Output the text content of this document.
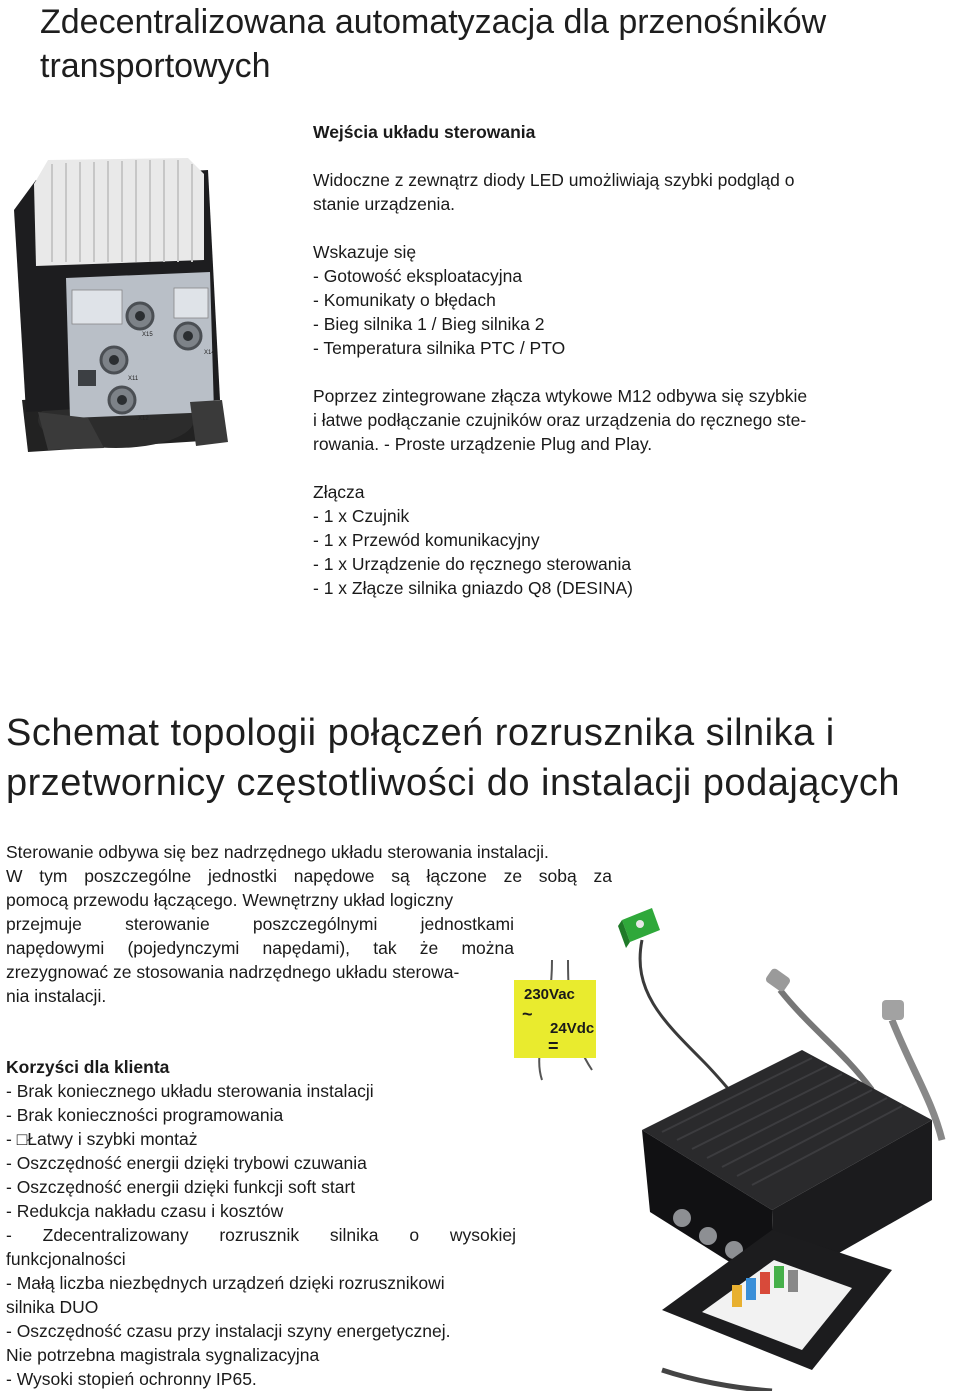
Zdecentralizowana automatyzacja dla przenośników
transportowych
X15
X14
X11
X12
Wejścia układu sterowania
Widoczne z zewnątrz diody LED umożliwiają szybki podgląd o
stanie urządzenia.
Wskazuje się
- Gotowość eksploatacyjna
- Komunikaty o błędach
- Bieg silnika 1 / Bieg silnika 2
- Temperatura silnika PTC / PTO
Poprzez zintegrowane złącza wtykowe M12 odbywa się szybkie
i łatwe podłączanie czujników oraz urządzenia do ręcznego ste-
rowania. - Proste urządzenie Plug and Play.
Złącza
- 1 x Czujnik
- 1 x Przewód komunikacyjny
- 1 x Urządzenie do ręcznego sterowania
- 1 x Złącze silnika gniazdo Q8 (DESINA)
Schemat topologii połączeń rozrusznika silnika i
przetwornicy częstotliwości do instalacji podających
Sterowanie odbywa się bez nadrzędnego układu sterowania instalacji.
W tym poszczególne jednostki napędowe są łączone ze sobą za
pomocą przewodu łączącego. Wewnętrzny układ logiczny
przejmuje sterowanie poszczególnymi jednostkami
napędowymi (pojedynczymi napędami), tak że można
zrezygnować ze stosowania nadrzędnego układu sterowa-
nia instalacji.	230Vac
~
24Vdc
=
Korzyści dla klienta
- Brak koniecznego układu sterowania instalacji
- Brak konieczności programowania
- □Łatwy i szybki montaż
- Oszczędność energii dzięki trybowi czuwania
- Oszczędność energii dzięki funkcji soft start
- Redukcja nakładu czasu i kosztów
- Zdecentralizowany rozrusznik silnika o wysokiej
funkcjonalności
- Małą liczba niezbędnych urządzeń dzięki rozrusznikowi
silnika DUO
- Oszczędność czasu przy instalacji szyny energetycznej.
Nie potrzebna magistrala sygnalizacyjna
- Wysoki stopień ochronny IP65.
